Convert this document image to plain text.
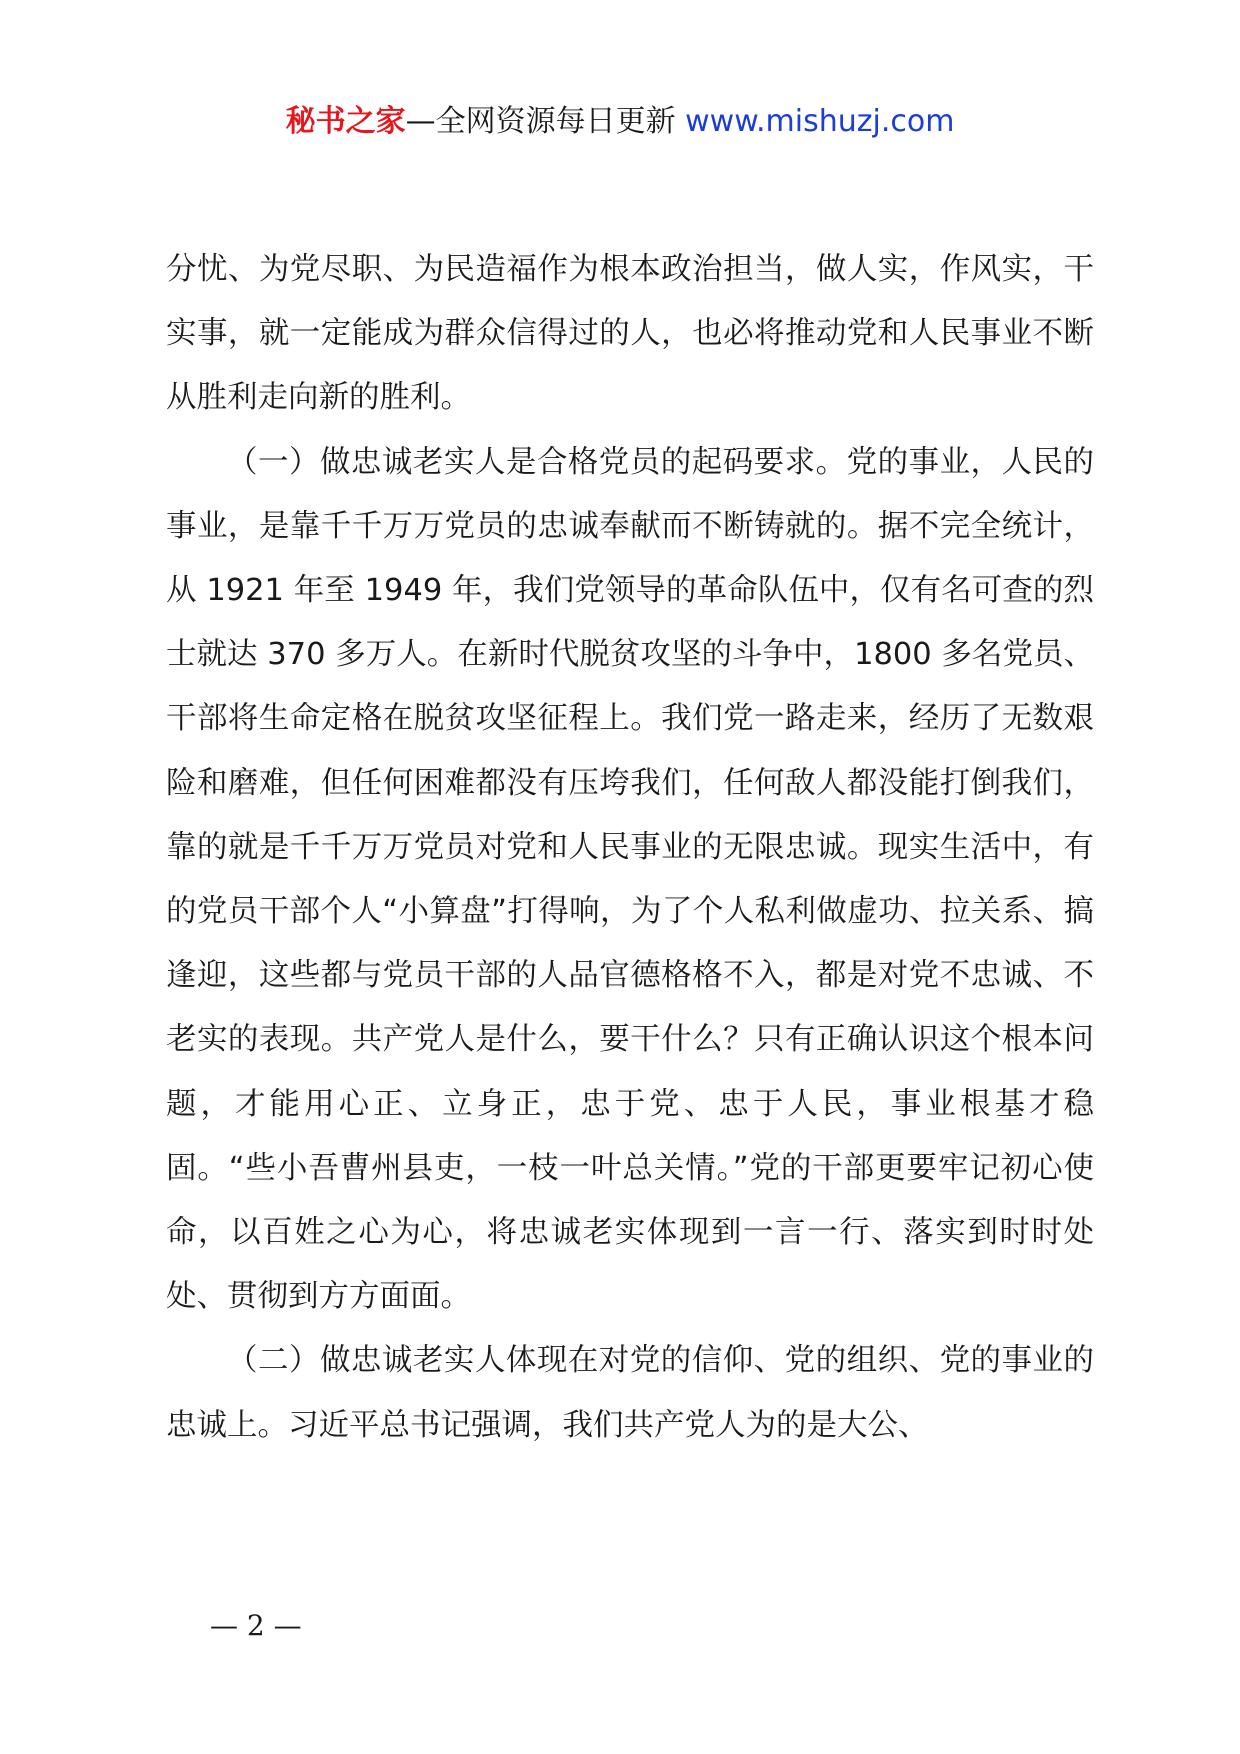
秘书之家—全网资源每日更新 www.mishuzj.com

分忧、为党尽职、为民造福作为根本政治担当，做人实，作风实，干实事，就一定能成为群众信得过的人，也必将推动党和人民事业不断从胜利走向新的胜利。

（一）做忠诚老实人是合格党员的起码要求。党的事业，人民的事业，是靠千千万万党员的忠诚奉献而不断铸就的。据不完全统计，从 1921 年至 1949 年，我们党领导的革命队伍中，仅有名可查的烈士就达 370 多万人。在新时代脱贫攻坚的斗争中，1800 多名党员、干部将生命定格在脱贫攻坚征程上。我们党一路走来，经历了无数艰险和磨难，但任何困难都没有压垮我们，任何敌人都没能打倒我们，靠的就是千千万万党员对党和人民事业的无限忠诚。现实生活中，有的党员干部个人“小算盘”打得响，为了个人私利做虚功、拉关系、搞逢迎，这些都与党员干部的人品官德格格不入，都是对党不忠诚、不老实的表现。共产党人是什么，要干什么？只有正确认识这个根本问题，才能用心正、立身正，忠于党、忠于人民，事业根基才稳固。“些小吾曹州县吏，一枝一叶总关情。”党的干部更要牢记初心使命，以百姓之心为心，将忠诚老实体现到一言一行、落实到时时处处、贯彻到方方面面。

（二）做忠诚老实人体现在对党的信仰、党的组织、党的事业的忠诚上。习近平总书记强调，我们共产党人为的是大公、

— 2 —
